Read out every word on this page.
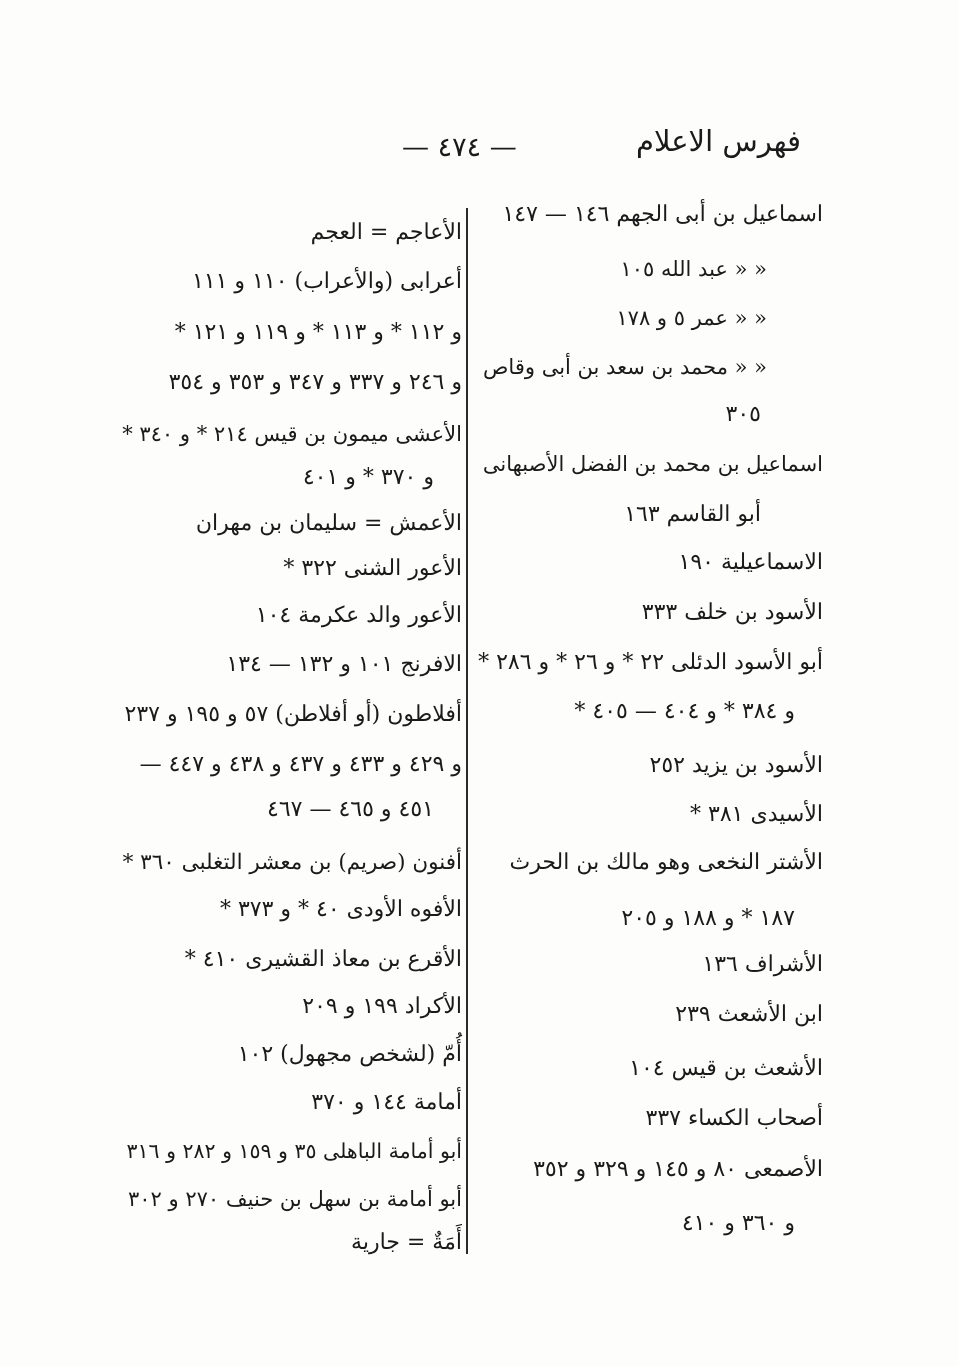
فهرس الاعلام
— ٤٧٤ —
اسماعيل بن أبى الجهم ١٤٦ — ١٤٧
« « عبد الله ١٠٥
« « عمر ٥ و ١٧٨
« « محمد بن سعد بن أبى وقاص
٣٠٥
اسماعيل بن محمد بن الفضل الأصبهانى
أبو القاسم ١٦٣
الاسماعيلية ١٩٠
الأسود بن خلف ٣٣٣
أبو الأسود الدئلى ٢٢ * و ٢٦ * و ٢٨٦ *
و ٣٨٤ * و ٤٠٤ — ٤٠٥ *
الأسود بن يزيد ٢٥٢
الأسيدى ٣٨١ *
الأشتر النخعى وهو مالك بن الحرث
١٨٧ * و ١٨٨ و ٢٠٥
الأشراف ١٣٦
ابن الأشعث ٢٣٩
الأشعث بن قيس ١٠٤
أصحاب الكساء ٣٣٧
الأصمعى ٨٠ و ١٤٥ و ٣٢٩ و ٣٥٢
و ٣٦٠ و ٤١٠
الأعاجم = العجم
أعرابى (والأعراب) ١١٠ و ١١١
و ١١٢ * و ١١٣ * و ١١٩ و ١٢١ *
و ٢٤٦ و ٣٣٧ و ٣٤٧ و ٣٥٣ و ٣٥٤
الأعشى ميمون بن قيس ٢١٤ * و ٣٤٠ *
و ٣٧٠ * و ٤٠١
الأعمش = سليمان بن مهران
الأعور الشنى ٣٢٢ *
الأعور والد عكرمة ١٠٤
الافرنج ١٠١ و ١٣٢ — ١٣٤
أفلاطون (أو أفلاطن) ٥٧ و ١٩٥ و ٢٣٧
و ٤٢٩ و ٤٣٣ و ٤٣٧ و ٤٣٨ و ٤٤٧ —
٤٥١ و ٤٦٥ — ٤٦٧
أفنون (صريم) بن معشر التغلبى ٣٦٠ *
الأفوه الأودى ٤٠ * و ٣٧٣ *
الأقرع بن معاذ القشيرى ٤١٠ *
الأكراد ١٩٩ و ٢٠٩
أُمّ (لشخص مجهول) ١٠٢
أمامة ١٤٤ و ٣٧٠
أبو أمامة الباهلى ٣٥ و ١٥٩ و ٢٨٢ و ٣١٦
أبو أمامة بن سهل بن حنيف ٢٧٠ و ٣٠٢
أَمَةٌ = جارية
